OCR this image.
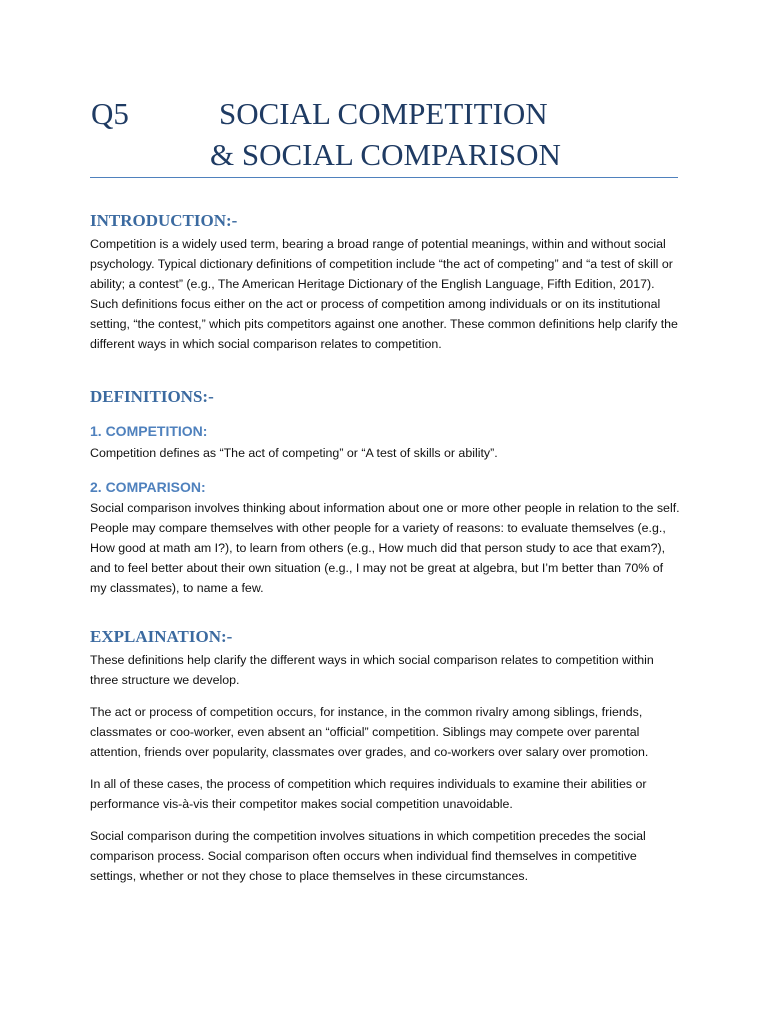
Q5	SOCIAL COMPETITION
& SOCIAL COMPARISON
INTRODUCTION:-

Competition is a widely used term, bearing a broad range of potential meanings, within and without social psychology. Typical dictionary definitions of competition include “the act of competing” and “a test of skill or ability; a contest” (e.g., The American Heritage Dictionary of the English Language, Fifth Edition, 2017). Such definitions focus either on the act or process of competition among individuals or on its institutional setting, “the contest,” which pits competitors against one another. These common definitions help clarify the different ways in which social comparison relates to competition.

DEFINITIONS:-
1. COMPETITION:

Competition defines as “The act of competing” or “A test of skills or ability”.

2. COMPARISON:

Social comparison involves thinking about information about one or more other people in relation to the self. People may compare themselves with other people for a variety of reasons: to evaluate themselves (e.g., How good at math am I?), to learn from others (e.g., How much did that person study to ace that exam?), and to feel better about their own situation (e.g., I may not be great at algebra, but I’m better than 70% of my classmates), to name a few.

EXPLAINATION:-

These definitions help clarify the different ways in which social comparison relates to competition within three structure we develop.

The act or process of competition occurs, for instance, in the common rivalry among siblings, friends, classmates or coo-worker, even absent an “official” competition. Siblings may compete over parental attention, friends over popularity, classmates over grades, and co-workers over salary over promotion.

In all of these cases, the process of competition which requires individuals to examine their abilities or performance vis-à-vis their competitor makes social competition unavoidable.

Social comparison during the competition involves situations in which competition precedes the social comparison process. Social comparison often occurs when individual find themselves in competitive settings, whether or not they chose to place themselves in these circumstances.
